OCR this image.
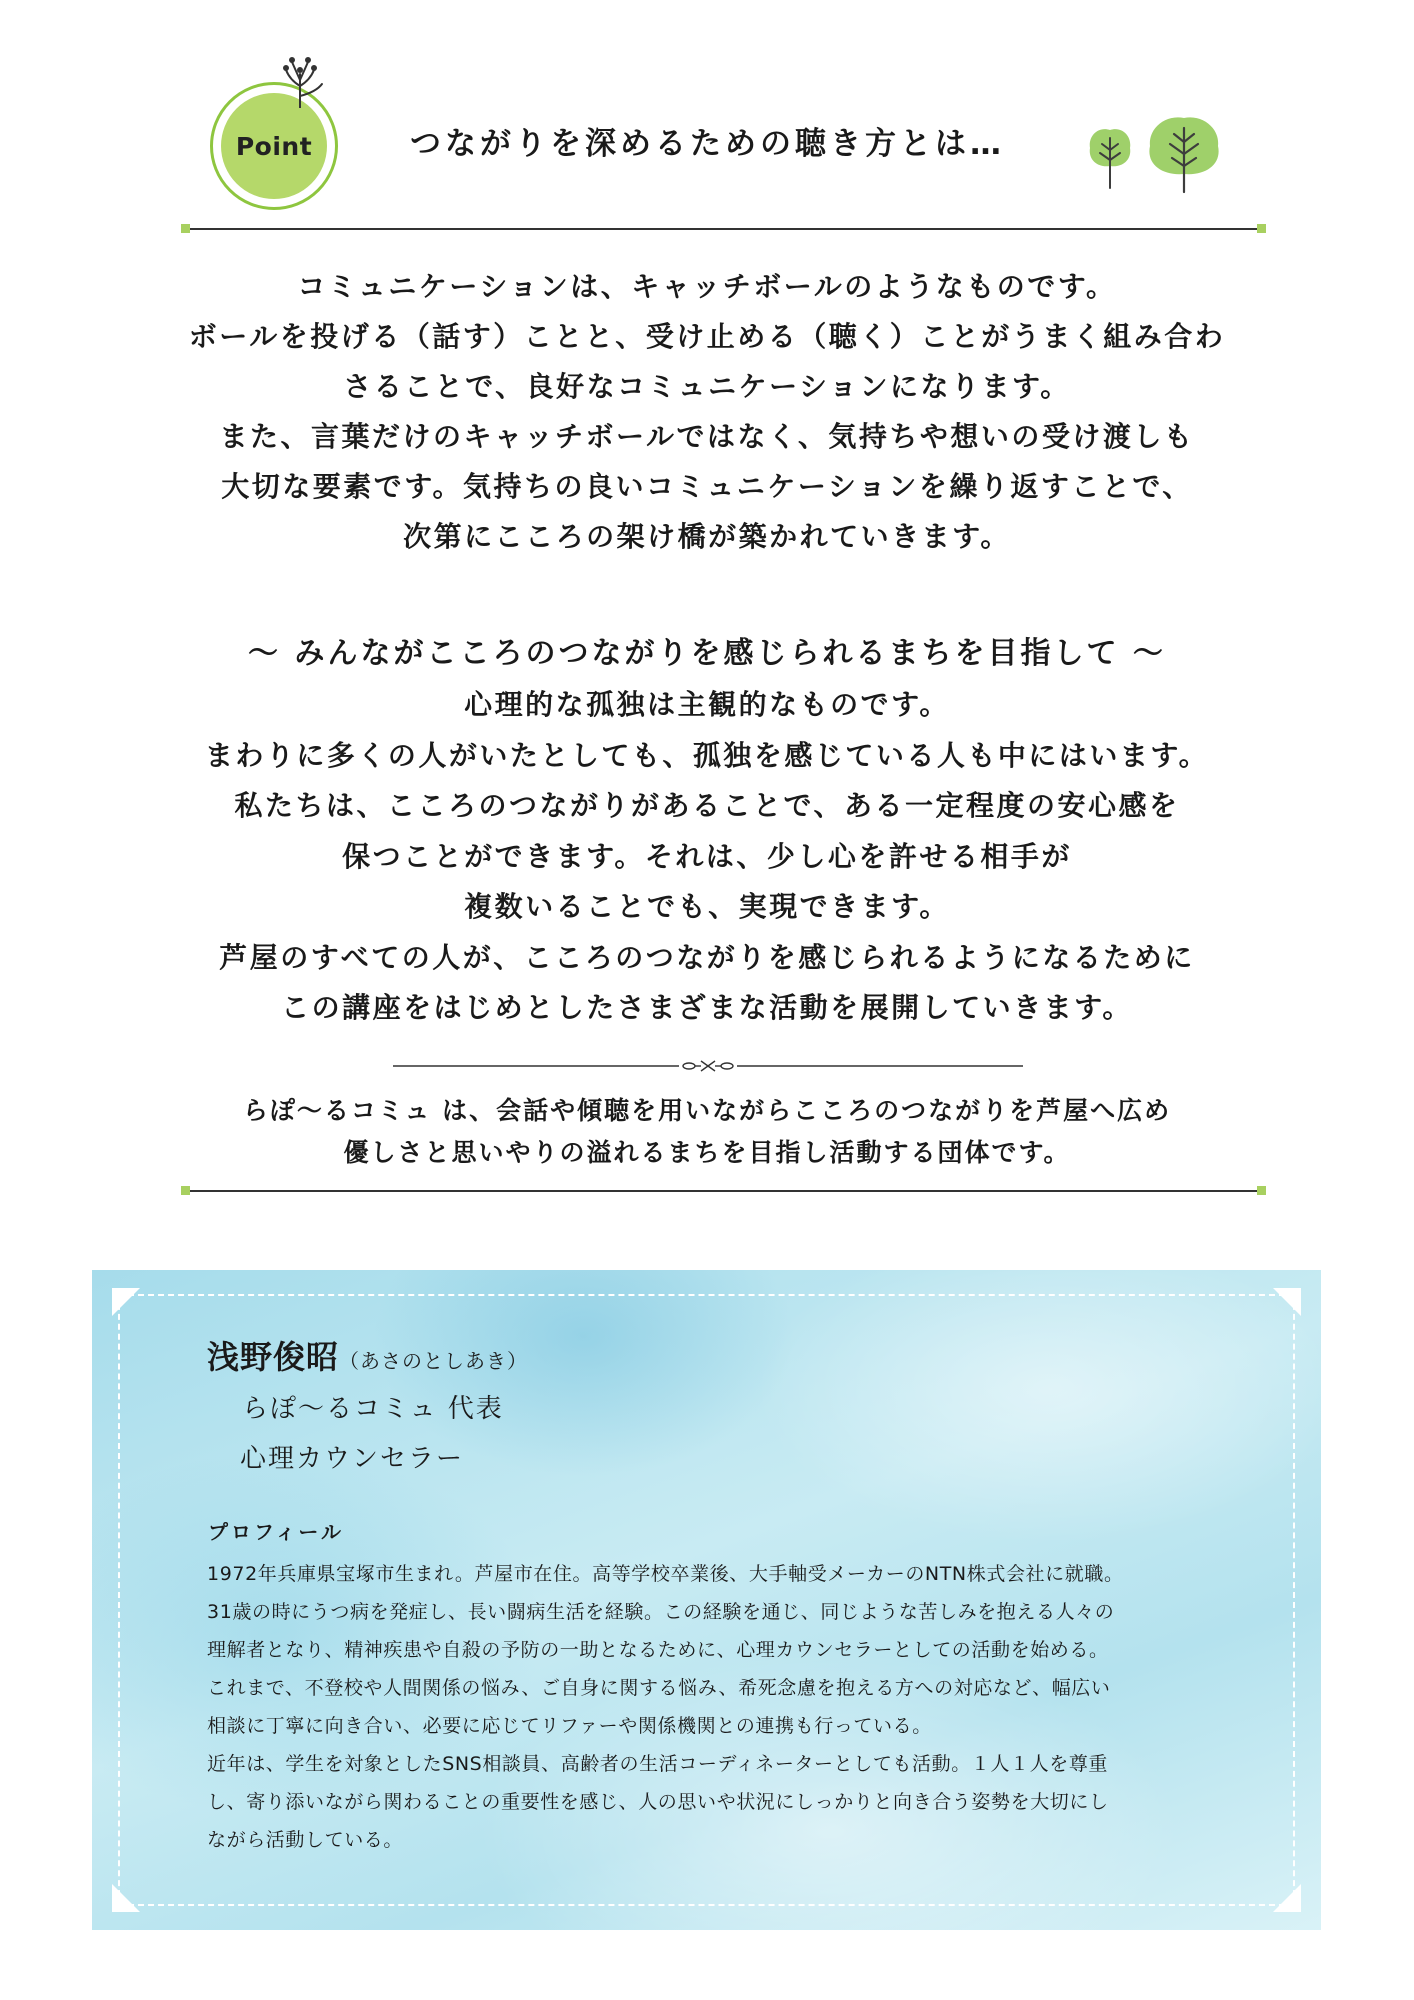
Point	つながりを深めるための聴き方とは…
コミュニケーションは、キャッチボールのようなものです。
ボールを投げる（話す）ことと、受け止める（聴く）ことがうまく組み合わ
さることで、良好なコミュニケーションになります。
また、言葉だけのキャッチボールではなく、気持ちや想いの受け渡しも
大切な要素です。気持ちの良いコミュニケーションを繰り返すことで、
次第にこころの架け橋が築かれていきます。
～ みんながこころのつながりを感じられるまちを目指して ～
心理的な孤独は主観的なものです。
まわりに多くの人がいたとしても、孤独を感じている人も中にはいます。
私たちは、こころのつながりがあることで、ある一定程度の安心感を
保つことができます。それは、少し心を許せる相手が
複数いることでも、実現できます。
芦屋のすべての人が、こころのつながりを感じられるようになるために
この講座をはじめとしたさまざまな活動を展開していきます。
らぽ～るコミュ は、会話や傾聴を用いながらこころのつながりを芦屋へ広め
優しさと思いやりの溢れるまちを目指し活動する団体です。
浅野俊昭（あさのとしあき）
らぽ～るコミュ 代表
心理カウンセラー
プロフィール
1972年兵庫県宝塚市生まれ。芦屋市在住。高等学校卒業後、大手軸受メーカーのNTN株式会社に就職。
31歳の時にうつ病を発症し、長い闘病生活を経験。この経験を通じ、同じような苦しみを抱える人々の
理解者となり、精神疾患や自殺の予防の一助となるために、心理カウンセラーとしての活動を始める。
これまで、不登校や人間関係の悩み、ご自身に関する悩み、希死念慮を抱える方への対応など、幅広い
相談に丁寧に向き合い、必要に応じてリファーや関係機関との連携も行っている。
近年は、学生を対象としたSNS相談員、高齢者の生活コーディネーターとしても活動。１人１人を尊重
し、寄り添いながら関わることの重要性を感じ、人の思いや状況にしっかりと向き合う姿勢を大切にし
ながら活動している。
